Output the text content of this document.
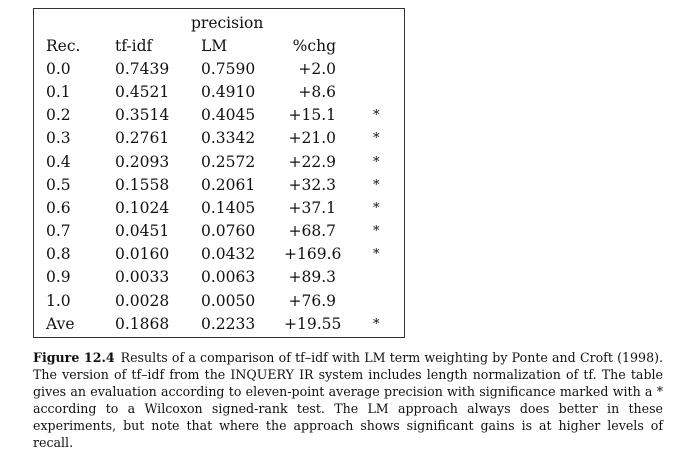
precision
Rec. tf-idf	LM	%chg
0.0	0.7439 0.7590	+2.0
0.1	0.4521 0.4910	+8.6
0.2	0.3514 0.4045 +15.1	*
0.3	0.2761 0.3342 +21.0	*
0.4	0.2093 0.2572 +22.9	*
0.5	0.1558 0.2061 +32.3	*
0.6	0.1024 0.1405 +37.1	*
0.7	0.0451 0.0760 +68.7	*
0.8	0.0160 0.0432 +169.6 *
0.9	0.0033 0.0063 +89.3
1.0	0.0028 0.0050 +76.9
Ave	0.1868 0.2233 +19.55 *
Figure 12.4 Results of a comparison of tf–idf with LM term weighting by Ponte and Croft (1998). The version of tf–idf from the INQUERY IR system includes length normalization of tf. The table gives an evaluation according to eleven-point average precision with significance marked with a * according to a Wilcoxon signed-rank test. The LM approach always does better in these experiments, but note that where the approach shows significant gains is at higher levels of recall.
